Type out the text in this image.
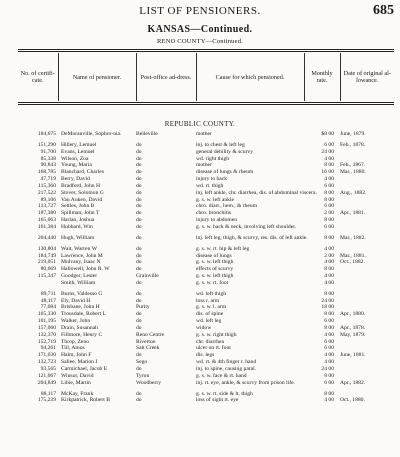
LIST OF PENSIONERS.	685
KANSAS—Continued.
RENO COUNTY—Continued.
No. of certifi-cate.	Name of pensioner.	Post-office ad-dress.	Cause for which pensioned.	Monthly rate.	Date of original al-lowance.
REPUBLIC COUNTY.
184,675 DeMoranville, Sophro-nia.	Belleville	mother	$8 00 June, 1879.
151,290 Hillery, Lemuel	do	inj. to chest & left leg	6 00 Feb., 1878.
91,700 Evans, Lemuel	do	general debility & scurvy	24 00
85,338 Wilson, Zoa	do	wd. right thigh	4 00
90,843 Young, Maria	do	mother	8 00 Feb., 1867.
168,785 Blanchard, Charles	do	disease of lungs & rheum	16 00 Mar., 1880.
47,719 Berry, David	do	injury to back	4 00
115,360 Bradford, John H	do	wd. rt. thigh	6 00
217,522 Stover, Solomon G	do	inj. left ankle, chr. diarrhea, dis. of abdominal viscera.	8 00 Aug., 1882.
89,106 Van Auken, David	do	g. s. w. left ankle	8 00
113,727 Settles, John B	do	chro. diarr., hem., & rheum	6 00
187,380 Spillman, John T	do	chro. bronchitis	2 00 Apr., 1881.
165,063 Harlan, Joshua	do	injury to abdomen	8 00
161,384 Hubbard, Wm	do	g. s. w. back & neck, involving left shoulder.	6 00
204,440 Hugh, William	do	inj. left leg, thigh, & scurvy, res. dis. of left ankle.	8 00 Mar., 1882.
130,804 Wait, Warren W	do	g. s. w. rt. hip & left leg	4 00
184,749 Lawrence, John M	do	disease of lungs	2 00 Mar., 1881.
219,051 Mulvany, Isaac N	do	g. s. w. left thigh	4 00 Oct., 1882.
80,669 Hallowell, John R. W	do	effects of scurvy	8 00
115,347 Goodger, Lester	Grainville	g. s. w. left thigh	4 00
Smith, William	do	g. s. w. rt. foot	4 00
89,711 Burns, Valdesso G	do	wd. left thigh	8 00
48,117 Ely, David H	do	loss r. arm	24 00
77,084 Brisbane, John H	Purity	g. s. w. l. arm	18 00
165,330 Trousdale, Robert L	do	dis. of spine	8 00 Apr., 1880.
101,195 Walker, John	do	wd. left leg	6 00
157,060 Drain, Susannah	do	widow	8 00 Apr., 1878.
132,370 Fillmore, Henry C	Reno Centre	g. s. w. right thigh	4 00 May, 1879.
152,719 Throp, Zeno	Riverton	chr. diarrhea	6 00
94,261 Till, Amos	Salt Creek	ulcer on rt. foot	6 00
171,030 Halm, John F	do	dis. legs	4 00 June, 1881.
132,723 Sallee, Marion J	Sego	wd. rt. & 4th finger r. hand	4 00
93,565 Carmichael, Jacob E	do	inj. to spine, causing paral.	24 00
121,067 Winsor, David	Tyron	g. s. w. face & rt. hand	8 00
204,849 Libie, Martin	Woodberry	inj. rt. eye, ankle, & scurvy from prison life.	6 00 Apr., 1882.
88,117 McKay, Frank	do	g. s. w. rt. side & lt. thigh	8 00
175,239 Kirkpatrick, Robert B	do	loss of sight rt. eye	4 00 Oct., 1880.
